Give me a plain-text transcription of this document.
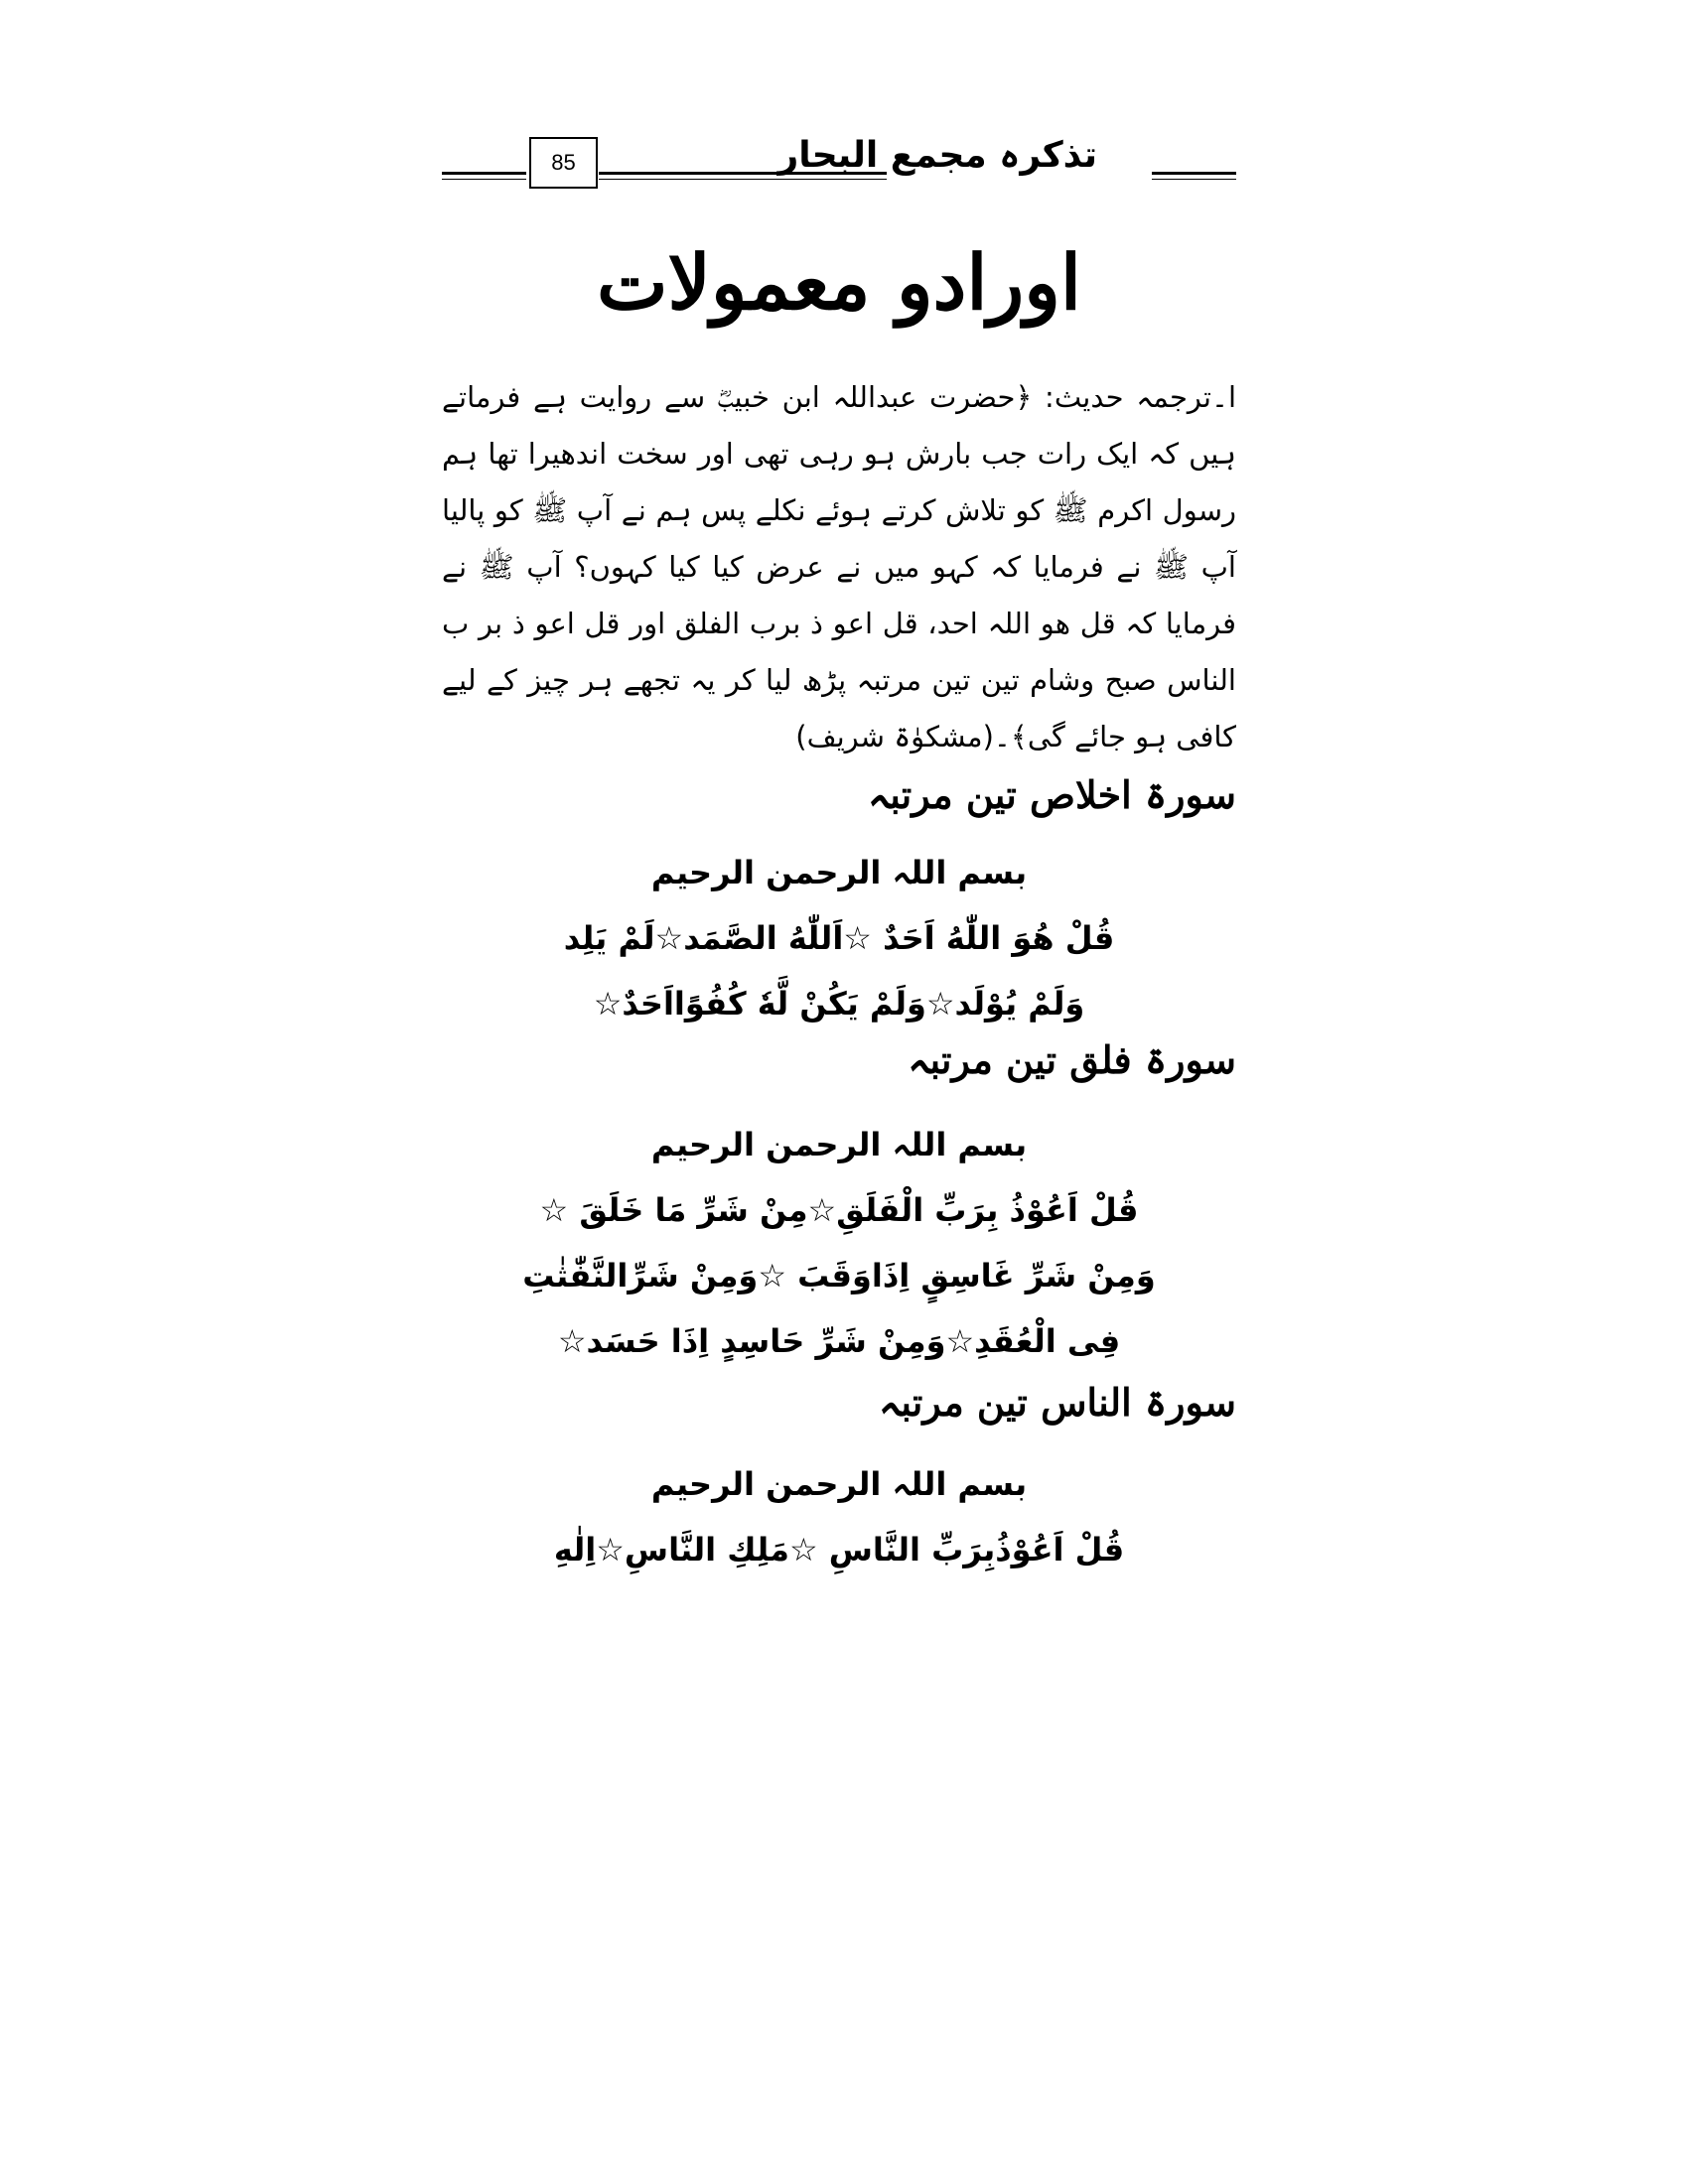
85	تذکرہ مجمع البحار
اورادو معمولات

ا۔ترجمہ حدیث: ﴿حضرت عبداللہ ابن خبیبؓ سے روایت ہے فرماتے ہیں کہ ایک رات جب بارش ہو رہی تھی اور سخت اندھیرا تھا ہم رسول اکرم ﷺ کو تلاش کرتے ہوئے نکلے پس ہم نے آپ ﷺ کو پالیا آپ ﷺ نے فرمایا کہ کہو میں نے عرض کیا کیا کہوں؟ آپ ﷺ نے فرمایا کہ قل ھو اللہ احد، قل اعو ذ برب الفلق اور قل اعو ذ بر ب الناس صبح وشام تین تین مرتبہ پڑھ لیا کر یہ تجھے ہر چیز کے لیے کافی ہو جائے گی﴾۔(مشکوٰۃ شریف)

سورۃ اخلاص تین مرتبہ
بسم اللہ الرحمن الرحیم
قُلْ هُوَ اللّٰهُ اَحَدٌ ☆اَللّٰهُ الصَّمَد☆لَمْ يَلِد
وَلَمْ يُوْلَد☆وَلَمْ يَكُنْ لَّهٗ كُفُوًااَحَدٌ☆
سورۃ فلق تین مرتبہ
بسم اللہ الرحمن الرحیم
قُلْ اَعُوْذُ بِرَبِّ الْفَلَقِ☆مِنْ شَرِّ مَا خَلَقَ ☆
وَمِنْ شَرِّ غَاسِقٍ اِذَاوَقَبَ ☆وَمِنْ شَرِّالنَّفّٰثٰتِ
فِى الْعُقَدِ☆وَمِنْ شَرِّ حَاسِدٍ اِذَا حَسَد☆
سورۃ الناس تین مرتبہ
بسم اللہ الرحمن الرحیم
قُلْ اَعُوْذُبِرَبِّ النَّاسِ ☆مَلِكِ النَّاسِ☆اِلٰهِ
